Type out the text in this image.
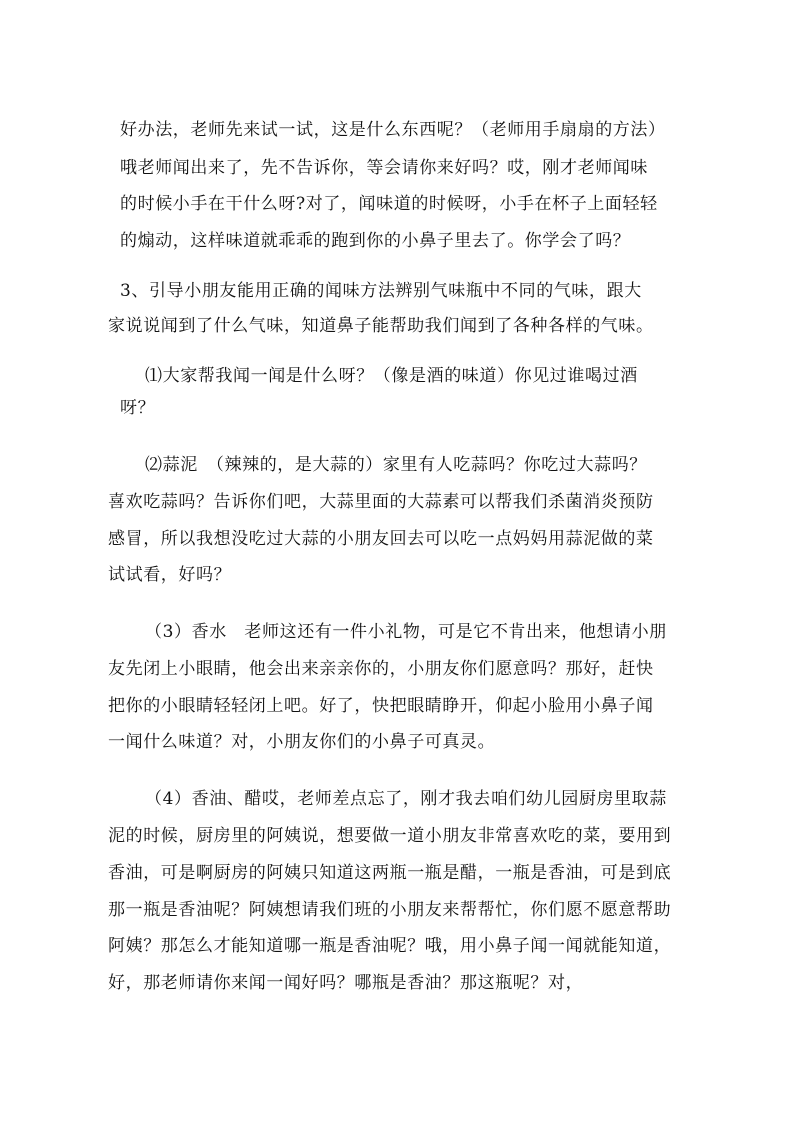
好办法，老师先来试一试，这是什么东西呢？（老师用手扇扇的方法）
哦老师闻出来了，先不告诉你，等会请你来好吗？哎，刚才老师闻味
的时候小手在干什么呀?对了，闻味道的时候呀，小手在杯子上面轻轻
的煽动，这样味道就乖乖的跑到你的小鼻子里去了。你学会了吗？
3、引导小朋友能用正确的闻味方法辨别气味瓶中不同的气味，跟大
家说说闻到了什么气味，知道鼻子能帮助我们闻到了各种各样的气味。
⑴大家帮我闻一闻是什么呀？（像是酒的味道）你见过谁喝过酒
呀？
⑵蒜泥　（辣辣的，是大蒜的）家里有人吃蒜吗？你吃过大蒜吗？
喜欢吃蒜吗？告诉你们吧，大蒜里面的大蒜素可以帮我们杀菌消炎预防
感冒，所以我想没吃过大蒜的小朋友回去可以吃一点妈妈用蒜泥做的菜
试试看，好吗？
（3）香水　老师这还有一件小礼物，可是它不肯出来，他想请小朋
友先闭上小眼睛，他会出来亲亲你的，小朋友你们愿意吗？那好，赶快
把你的小眼睛轻轻闭上吧。好了，快把眼睛睁开，仰起小脸用小鼻子闻
一闻什么味道？对，小朋友你们的小鼻子可真灵。
（4）香油、醋哎，老师差点忘了，刚才我去咱们幼儿园厨房里取蒜
泥的时候，厨房里的阿姨说，想要做一道小朋友非常喜欢吃的菜，要用到
香油，可是啊厨房的阿姨只知道这两瓶一瓶是醋，一瓶是香油，可是到底
那一瓶是香油呢？阿姨想请我们班的小朋友来帮帮忙，你们愿不愿意帮助
阿姨？那怎么才能知道哪一瓶是香油呢？哦，用小鼻子闻一闻就能知道，
好，那老师请你来闻一闻好吗？哪瓶是香油？那这瓶呢？对，
